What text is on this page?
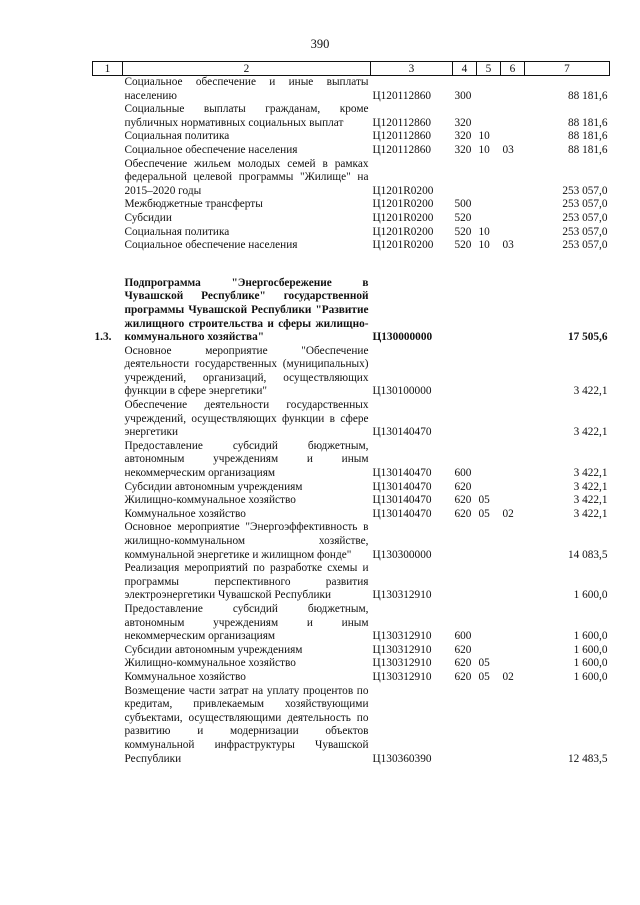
390
1	2	3	4	5	6	7
	Социальное обеспечение и иные выплаты населению	Ц120112860	300			88 181,6
	Социальные выплаты гражданам, кроме публичных нормативных социальных выплат	Ц120112860	320			88 181,6
	Социальная политика	Ц120112860	320	10		88 181,6
	Социальное обеспечение населения	Ц120112860	320	10	03	88 181,6
	Обеспечение жильем молодых семей в рамках федеральной целевой программы "Жилище" на 2015–2020 годы	Ц1201R0200				253 057,0
	Межбюджетные трансферты	Ц1201R0200	500			253 057,0
	Субсидии	Ц1201R0200	520			253 057,0
	Социальная политика	Ц1201R0200	520	10		253 057,0
	Социальное обеспечение населения	Ц1201R0200	520	10	03	253 057,0

1.3.	Подпрограмма "Энергосбережение в Чувашской Республике" государственной программы Чувашской Республики "Развитие жилищного строительства и сферы жилищно-коммунального хозяйства"	Ц130000000				17 505,6
	Основное мероприятие "Обеспечение деятельности государственных (муниципальных) учреждений, организаций, осуществляющих функции в сфере энергетики"	Ц130100000				3 422,1
	Обеспечение деятельности государственных учреждений, осуществляющих функции в сфере энергетики	Ц130140470				3 422,1
	Предоставление субсидий бюджетным, автономным учреждениям и иным некоммерческим организациям	Ц130140470	600			3 422,1
	Субсидии автономным учреждениям	Ц130140470	620			3 422,1
	Жилищно-коммунальное хозяйство	Ц130140470	620	05		3 422,1
	Коммунальное хозяйство	Ц130140470	620	05	02	3 422,1
	Основное мероприятие "Энергоэффективность в жилищно-коммунальном хозяйстве, коммунальной энергетике и жилищном фонде"	Ц130300000				14 083,5
	Реализация мероприятий по разработке схемы и программы перспективного развития электроэнергетики Чувашской Республики	Ц130312910				1 600,0
	Предоставление субсидий бюджетным, автономным учреждениям и иным некоммерческим организациям	Ц130312910	600			1 600,0
	Субсидии автономным учреждениям	Ц130312910	620			1 600,0
	Жилищно-коммунальное хозяйство	Ц130312910	620	05		1 600,0
	Коммунальное хозяйство	Ц130312910	620	05	02	1 600,0
	Возмещение части затрат на уплату процентов по кредитам, привлекаемым хозяйствующими субъектами, осуществляющими деятельность по развитию и модернизации объектов коммунальной инфраструктуры Чувашской Республики	Ц130360390				12 483,5
